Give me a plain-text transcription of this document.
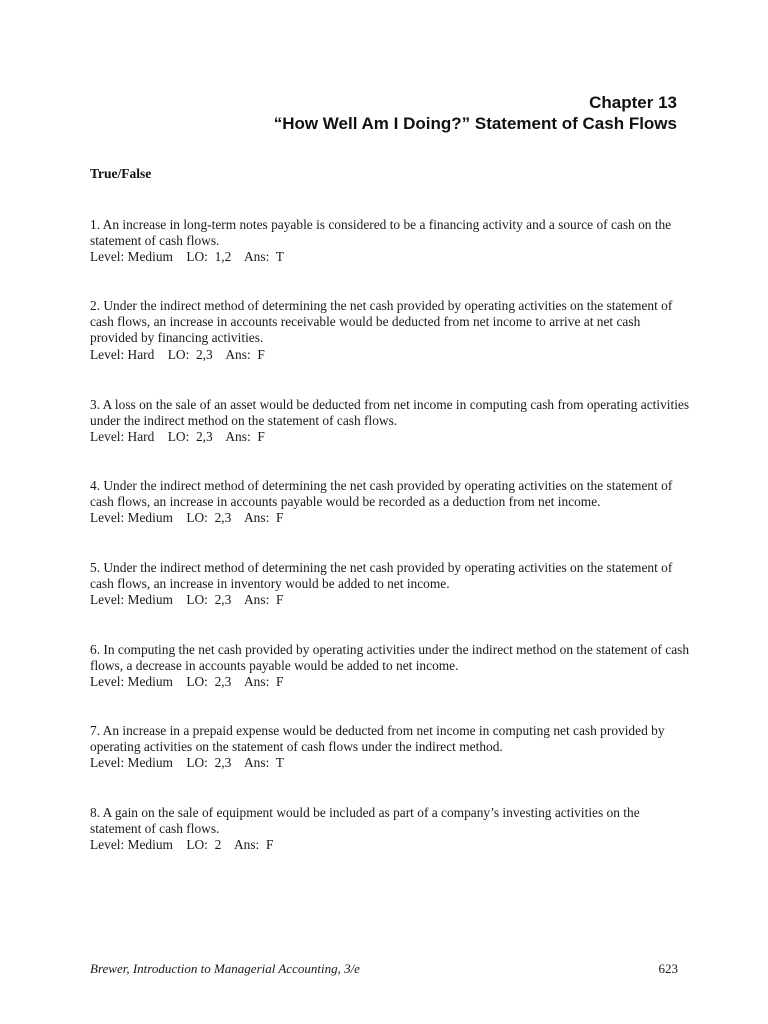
Chapter 13
“How Well Am I Doing?” Statement of Cash Flows
True/False
1. An increase in long-term notes payable is considered to be a financing activity and a source of cash on the statement of cash flows.
Level: Medium LO:  1,2 Ans:  T
2. Under the indirect method of determining the net cash provided by operating activities on the statement of cash flows, an increase in accounts receivable would be deducted from net income to arrive at net cash provided by financing activities.
Level: Hard LO:  2,3 Ans:  F
3. A loss on the sale of an asset would be deducted from net income in computing cash from operating activities under the indirect method on the statement of cash flows.
Level: Hard LO:  2,3 Ans:  F
4. Under the indirect method of determining the net cash provided by operating activities on the statement of cash flows, an increase in accounts payable would be recorded as a deduction from net income.
Level: Medium LO:  2,3 Ans:  F
5. Under the indirect method of determining the net cash provided by operating activities on the statement of cash flows, an increase in inventory would be added to net income.
Level: Medium LO:  2,3 Ans:  F
6. In computing the net cash provided by operating activities under the indirect method on the statement of cash flows, a decrease in accounts payable would be added to net income.
Level: Medium LO:  2,3 Ans:  F
7. An increase in a prepaid expense would be deducted from net income in computing net cash provided by operating activities on the statement of cash flows under the indirect method.
Level: Medium LO:  2,3 Ans:  T
8. A gain on the sale of equipment would be included as part of a company’s investing activities on the statement of cash flows.
Level: Medium LO:  2 Ans:  F
Brewer, Introduction to Managerial Accounting, 3/e	623
